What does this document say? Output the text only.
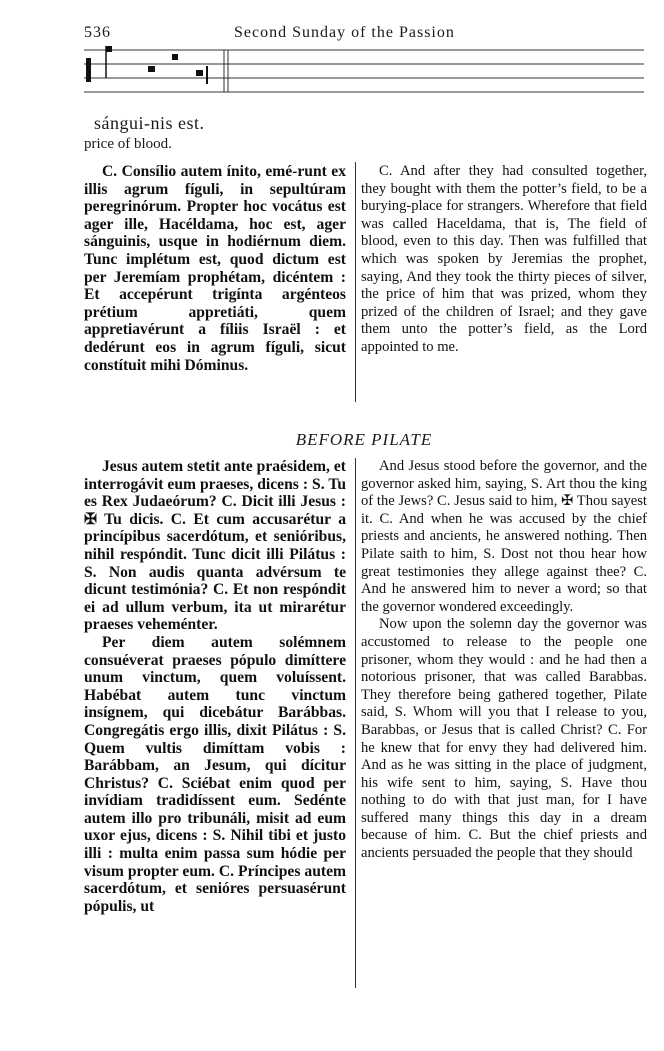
536	Second Sunday of the Passion
sángui-nis est.
price of blood.

C. Consílio autem ínito, emé-runt ex illis agrum fíguli, in sepultúram peregrinórum. Propter hoc vocátus est ager ille, Hacéldama, hoc est, ager sánguinis, usque in hodiérnum diem. Tunc implétum est, quod dictum est per Jeremíam prophétam, dicéntem : Et accepérunt trigínta argénteos prétium appretiáti, quem appretiavérunt a fíliis Israël : et dedérunt eos in agrum fíguli, sicut constítuit mihi Dóminus.

C. And after they had consulted together, they bought with them the potter’s field, to be a burying-place for strangers. Wherefore that field was called Haceldama, that is, The field of blood, even to this day. Then was fulfilled that which was spoken by Jeremias the prophet, saying, And they took the thirty pieces of silver, the price of him that was prized, whom they prized of the children of Israel; and they gave them unto the potter’s field, as the Lord appointed to me.

BEFORE PILATE

Jesus autem stetit ante praésidem, et interrogávit eum praeses, dicens : S. Tu es Rex Judaeórum? C. Dicit illi Jesus : ✠ Tu dicis. C. Et cum accusarétur a princípibus sacerdótum, et senióribus, nihil respóndit. Tunc dicit illi Pilátus : S. Non audis quanta advérsum te dicunt testimónia? C. Et non respóndit ei ad ullum verbum, ita ut mirarétur praeses veheménter.

Per diem autem solémnem consuéverat praeses pópulo dimíttere unum vinctum, quem voluíssent. Habébat autem tunc vinctum insígnem, qui dicebátur Barábbas. Congregátis ergo illis, dixit Pilátus : S. Quem vultis dimíttam vobis : Barábbam, an Jesum, qui dícitur Christus? C. Sciébat enim quod per invídiam tradidíssent eum. Sedénte autem illo pro tribunáli, misit ad eum uxor ejus, dicens : S. Nihil tibi et justo illi : multa enim passa sum hódie per visum propter eum. C. Príncipes autem sacerdótum, et senióres persuasérunt pópulis, ut

And Jesus stood before the governor, and the governor asked him, saying, S. Art thou the king of the Jews? C. Jesus said to him, ✠ Thou sayest it. C. And when he was accused by the chief priests and ancients, he answered nothing. Then Pilate saith to him, S. Dost not thou hear how great testimonies they allege against thee? C. And he answered him to never a word; so that the governor wondered exceedingly.

Now upon the solemn day the governor was accustomed to release to the people one prisoner, whom they would : and he had then a notorious prisoner, that was called Barabbas. They therefore being gathered together, Pilate said, S. Whom will you that I release to you, Barabbas, or Jesus that is called Christ? C. For he knew that for envy they had delivered him. And as he was sitting in the place of judgment, his wife sent to him, saying, S. Have thou nothing to do with that just man, for I have suffered many things this day in a dream because of him. C. But the chief priests and ancients persuaded the people that they should
